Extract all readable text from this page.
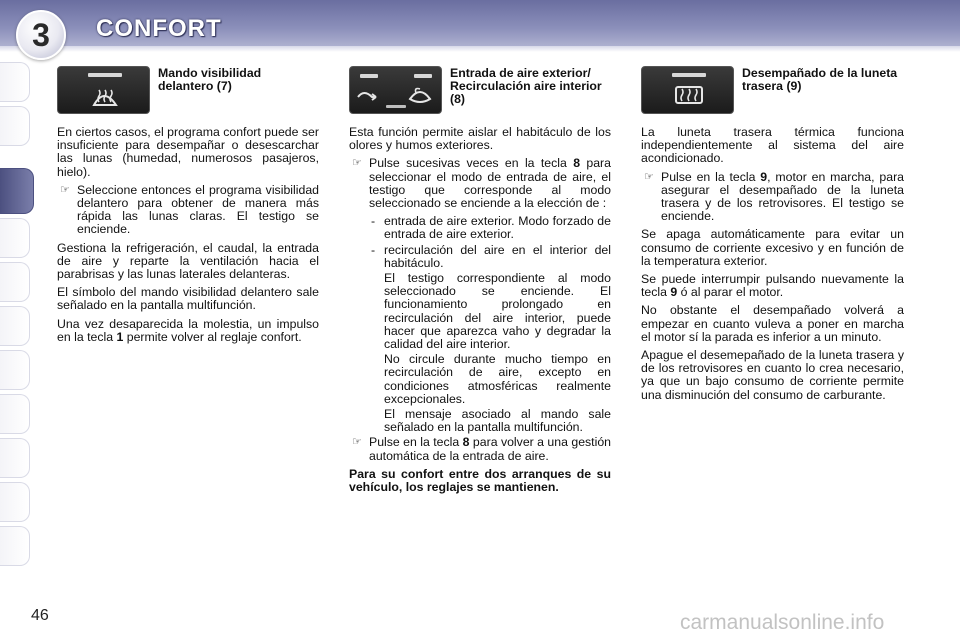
3 CONFORT
Mando visibilidad delantero (7)

En ciertos casos, el programa confort puede ser insuficiente para desempañar o desescarchar las lunas (humedad, numerosos pasajeros, hielo).

☞ Seleccione entonces el programa visibilidad delantero para obtener de manera más rápida las lunas claras. El testigo se enciende.

Gestiona la refrigeración, el caudal, la entrada de aire y reparte la ventilación hacia el parabrisas y las lunas laterales delanteras.

El símbolo del mando visibilidad delantero sale señalado en la pantalla multifunción.

Una vez desaparecida la molestia, un impulso en la tecla 1 permite volver al reglaje confort.

Entrada de aire exterior/ Recirculación aire interior (8)

Esta función permite aislar el habitáculo de los olores y humos exteriores.

☞ Pulse sucesivas veces en la tecla 8 para seleccionar el modo de entrada de aire, el testigo que corresponde al modo seleccionado se enciende a la elección de :
- entrada de aire exterior. Modo forzado de entrada de aire exterior.
- recirculación del aire en el interior del habitáculo.
El testigo correspondiente al modo seleccionado se enciende. El funcionamiento prolongado en recirculación del aire interior, puede hacer que aparezca vaho y degradar la calidad del aire interior.
No circule durante mucho tiempo en recirculación de aire, excepto en condiciones atmosféricas realmente excepcionales.
El mensaje asociado al mando sale señalado en la pantalla multifunción.
☞ Pulse en la tecla 8 para volver a una gestión automática de la entrada de aire.

Para su confort entre dos arranques de su vehículo, los reglajes se mantienen.

Desempañado de la luneta trasera (9)

La luneta trasera térmica funciona independientemente al sistema del aire acondicionado.

☞ Pulse en la tecla 9, motor en marcha, para asegurar el desempañado de la luneta trasera y de los retrovisores. El testigo se enciende.

Se apaga automáticamente para evitar un consumo de corriente excesivo y en función de la temperatura exterior.

Se puede interrumpir pulsando nuevamente la tecla 9 ó al parar el motor.

No obstante el desempañado volverá a empezar en cuanto vuleva a poner en marcha el motor sí la parada es inferior a un minuto.

Apague el desemepañado de la luneta trasera y de los retrovisores en cuanto lo crea necesario, ya que un bajo consumo de corriente permite una disminución del consumo de carburante.

46	carmanualsonline.info
